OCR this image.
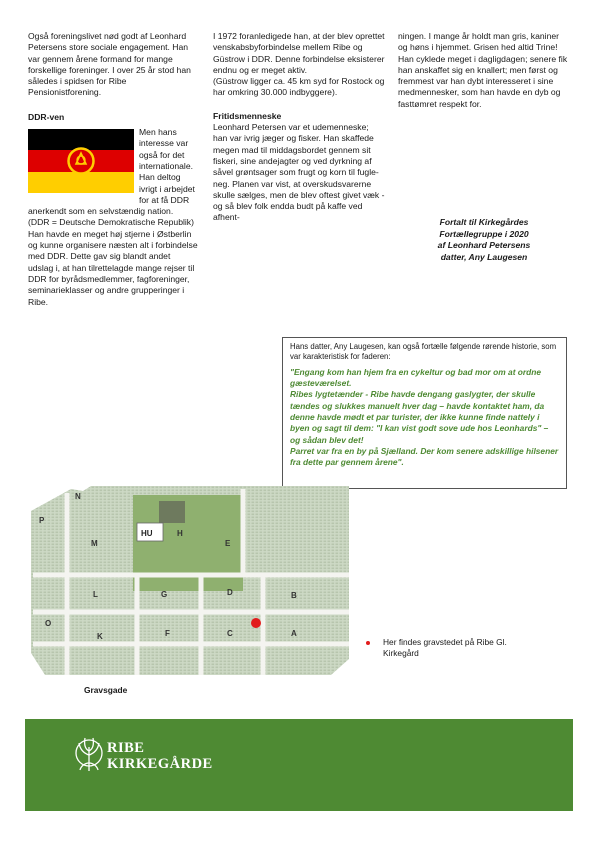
Også foreningslivet nød godt af Leonhard Petersens store sociale engagement. Han var gennem årene formand for mange forskellige foreninger. I over 25 år stod han således i spidsen for Ribe Pensionistforening.

DDR-ven

Men hans interesse var også for det internationale. Han deltog ivrigt i arbejdet for at få DDR anerkendt som en selvstændig nation.

(DDR = Deutsche Demokratische Republik)

Han havde en meget høj stjerne i Østberlin og kunne organisere næsten alt i forbindelse med DDR. Dette gav sig blandt andet udslag i, at han tilrettelagde mange rejser til DDR for byrådsmedlemmer, fagforeninger, seminarieklasser og andre grupperinger i Ribe.

I 1972 foranledigede han, at der blev oprettet venskabsbyforbindelse mellem Ribe og Güstrow i DDR. Denne forbindelse eksisterer endnu og er meget aktiv.

(Güstrow ligger ca. 45 km syd for Rostock og har omkring 30.000 indbyggere).

Fritidsmenneske

Leonhard Petersen var et udemenneske; han var ivrig jæger og fisker. Han skaffede megen mad til middagsbordet gennem sit fiskeri, sine andejagter og ved dyrkning af såvel grøntsager som frugt og korn til fugle-neg. Planen var vist, at overskudsvarerne skulle sælges, men de blev oftest givet væk - og så blev folk endda budt på kaffe ved afhent-

ningen. I mange år holdt man gris, kaniner og høns i hjemmet. Grisen hed altid Trine! Han cyklede meget i dagligdagen; senere fik han anskaffet sig en knallert; men først og fremmest var han dybt interesseret i sine medmennesker, som han havde en dyb og fasttømret respekt for.

Fortalt til Kirkegårdes
Fortællegruppe i 2020
af Leonhard Petersens
datter, Any Laugesen
Hans datter, Any Laugesen, kan også fortælle følgende rørende historie, som var karakteristisk for faderen:
"Engang kom han hjem fra en cykeltur og bad mor om at ordne gæsteværelset.
Ribes lygtetænder - Ribe havde dengang gaslygter, der skulle tændes og slukkes manuelt hver dag – havde kontaktet ham, da denne havde mødt et par turister, der ikke kunne finde nattely i byen og sagt til dem: "I kan vist godt sove ude hos Leonhards" – og sådan blev det!
Parret var fra en by på Sjælland. Der kom senere adskillige hilsener fra dette par gennem årene".
N
P
M
HU	H
E
L	G	D	B
O
K	F	C	A
Gravsgade
Her findes gravstedet på Ribe Gl. Kirkegård
RIBE
KIRKEGÅRDE
